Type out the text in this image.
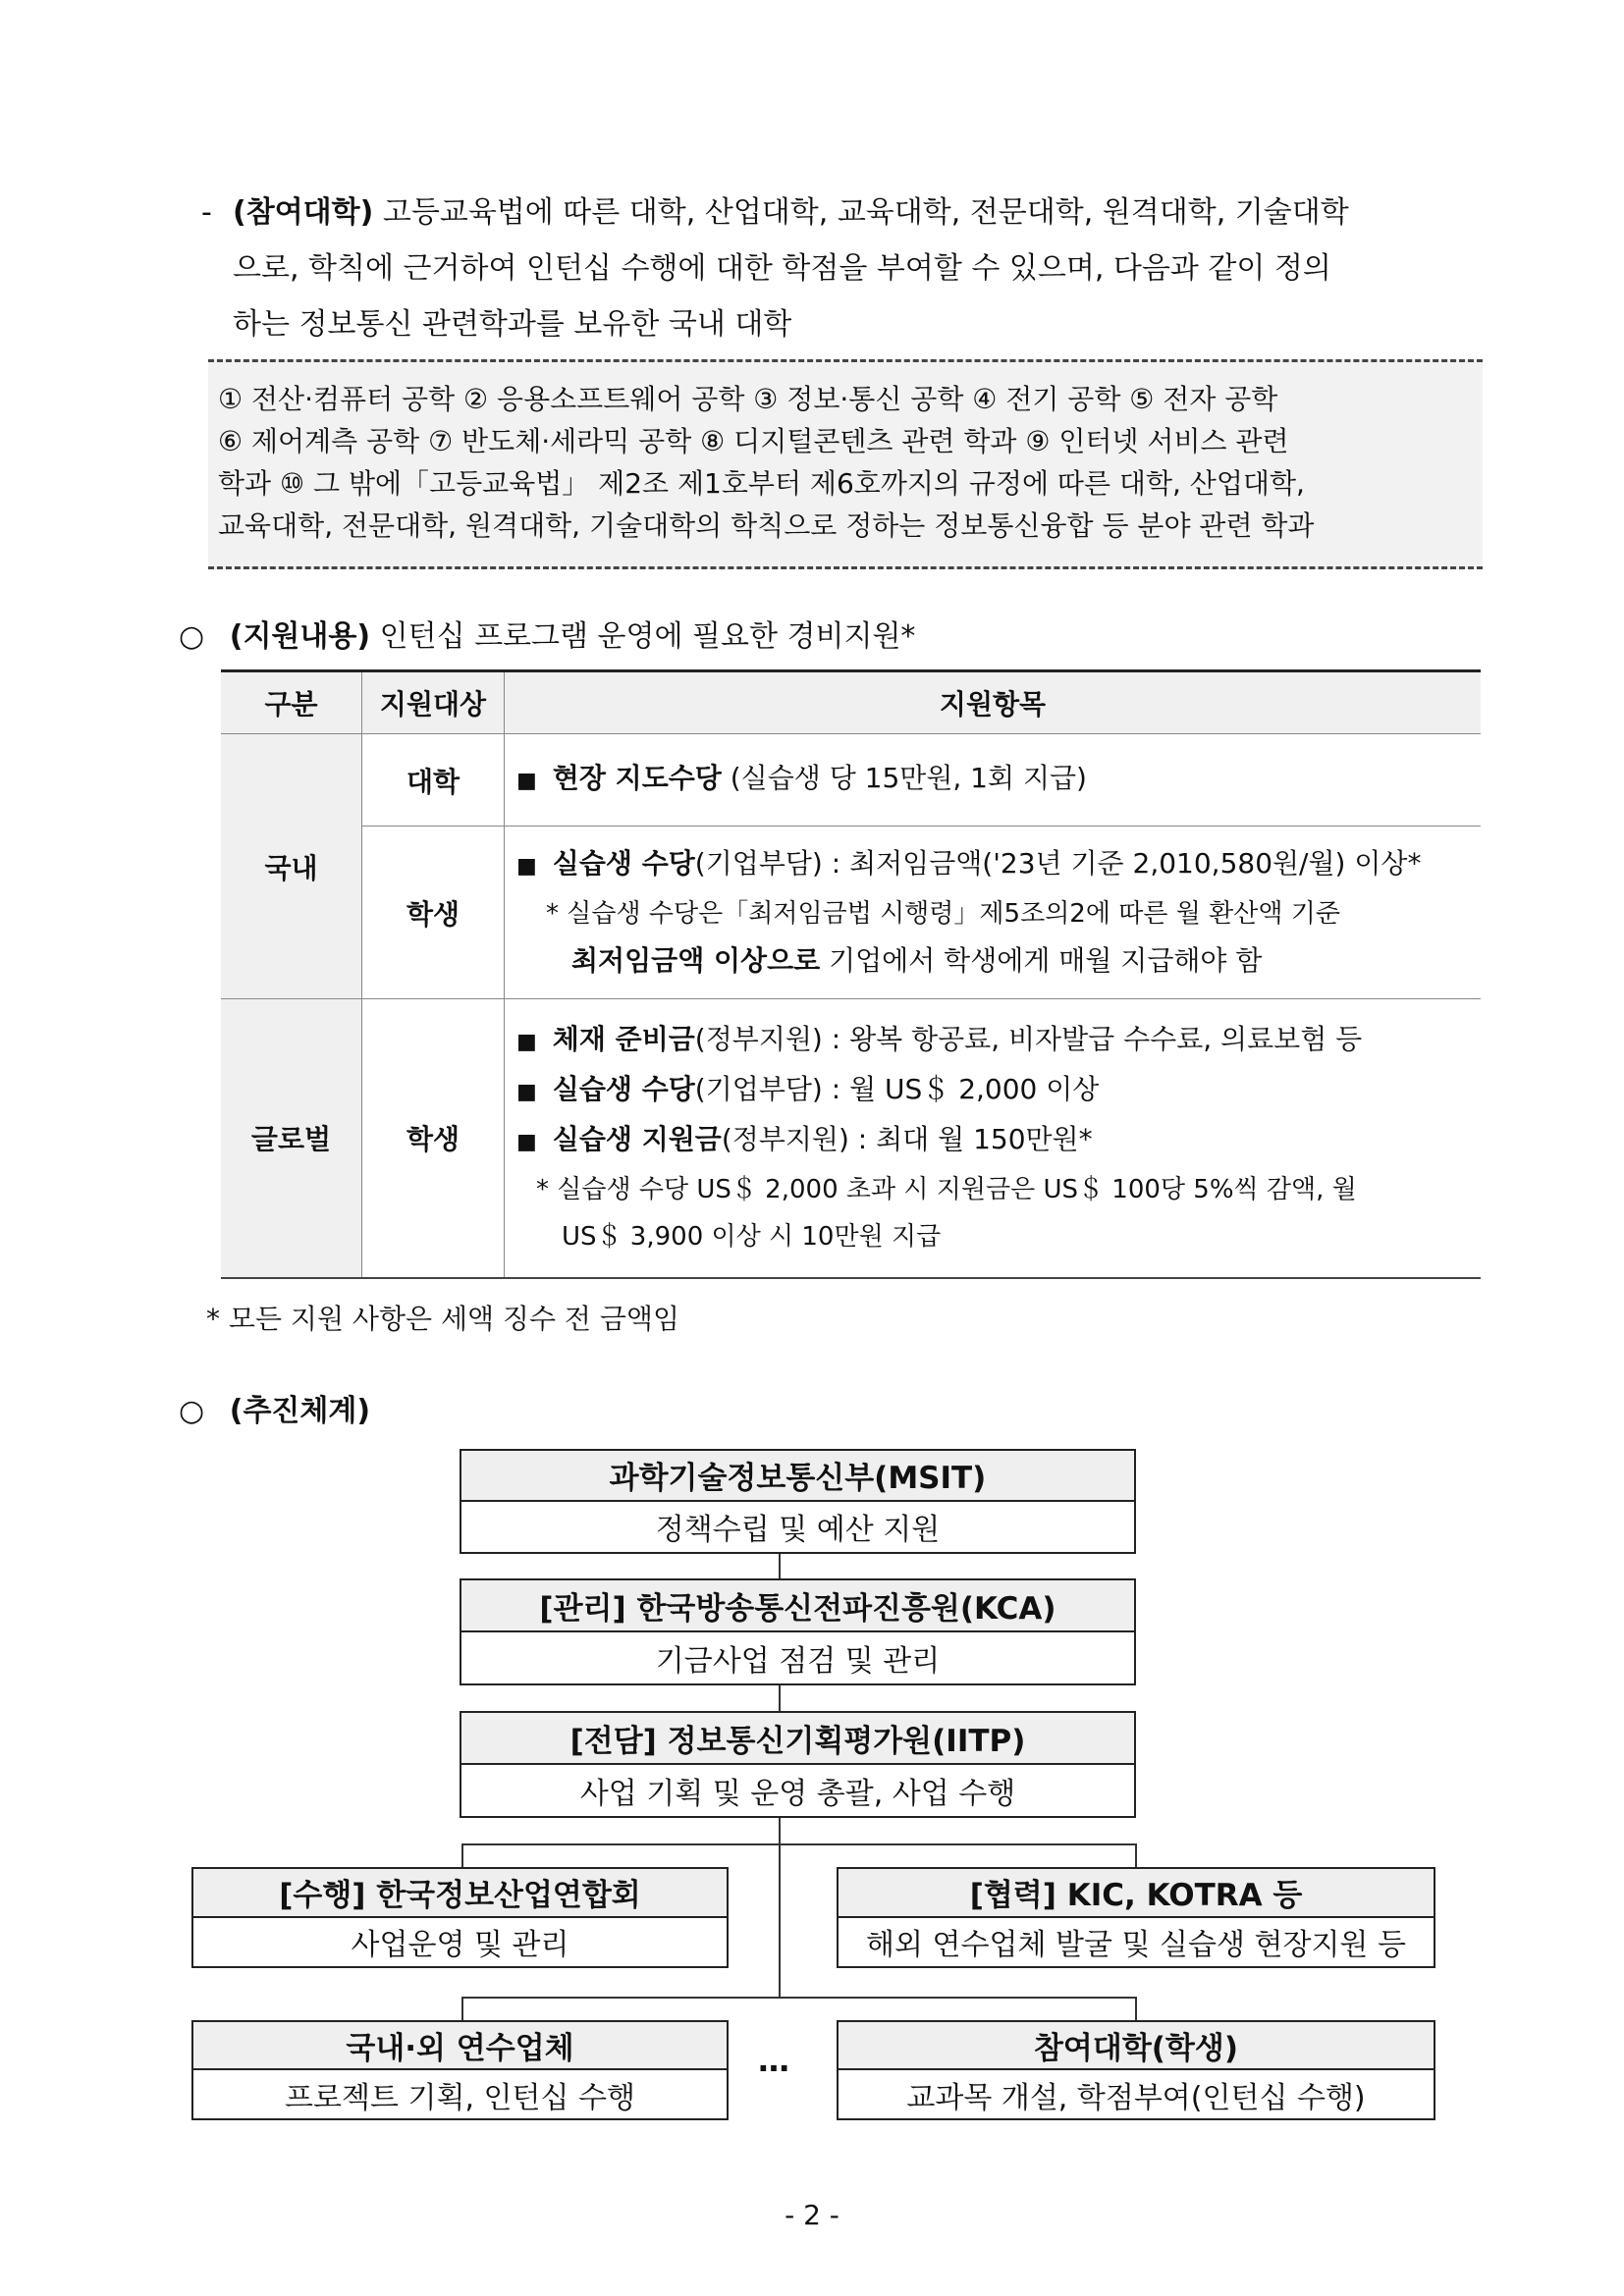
- (참여대학) 고등교육법에 따른 대학, 산업대학, 교육대학, 전문대학, 원격대학, 기술대학
으로, 학칙에 근거하여 인턴십 수행에 대한 학점을 부여할 수 있으며, 다음과 같이 정의
하는 정보통신 관련학과를 보유한 국내 대학
① 전산·컴퓨터 공학 ② 응용소프트웨어 공학 ③ 정보·통신 공학 ④ 전기 공학 ⑤ 전자 공학
⑥ 제어계측 공학 ⑦ 반도체·세라믹 공학 ⑧ 디지털콘텐츠 관련 학과 ⑨ 인터넷 서비스 관련
학과 ⑩ 그 밖에「고등교육법」 제2조 제1호부터 제6호까지의 규정에 따른 대학, 산업대학,
교육대학, 전문대학, 원격대학, 기술대학의 학칙으로 정하는 정보통신융합 등 분야 관련 학과
○ (지원내용) 인턴십 프로그램 운영에 필요한 경비지원*
구분	지원대상	지원항목
국내	대학	■ 현장 지도수당 (실습생 당 15만원, 1회 지급)

	학생	■ 실습생 수당(기업부담) : 최저임금액('23년 기준 2,010,580원/월) 이상*
* 실습생 수당은「최저임금법 시행령」제5조의2에 따른 월 환산액 기준
최저임금액 이상으로 기업에서 학생에게 매월 지급해야 함

글로벌	학생	■ 체재 준비금(정부지원) : 왕복 항공료, 비자발급 수수료, 의료보험 등
■ 실습생 수당(기업부담) : 월 US＄ 2,000 이상
■ 실습생 지원금(정부지원) : 최대 월 150만원*
* 실습생 수당 US＄ 2,000 초과 시 지원금은 US＄ 100당 5%씩 감액, 월
US＄ 3,900 이상 시 10만원 지급
* 모든 지원 사항은 세액 징수 전 금액임
○ (추진체계)
과학기술정보통신부(MSIT)
정책수립 및 예산 지원
[관리] 한국방송통신전파진흥원(KCA)
기금사업 점검 및 관리
[전담] 정보통신기획평가원(IITP)
사업 기획 및 운영 총괄, 사업 수행
[수행] 한국정보산업연합회
사업운영 및 관리
[협력] KIC, KOTRA 등
해외 연수업체 발굴 및 실습생 현장지원 등
국내·외 연수업체
프로젝트 기획, 인턴십 수행
…	참여대학(학생)
교과목 개설, 학점부여(인턴십 수행)
- 2 -
